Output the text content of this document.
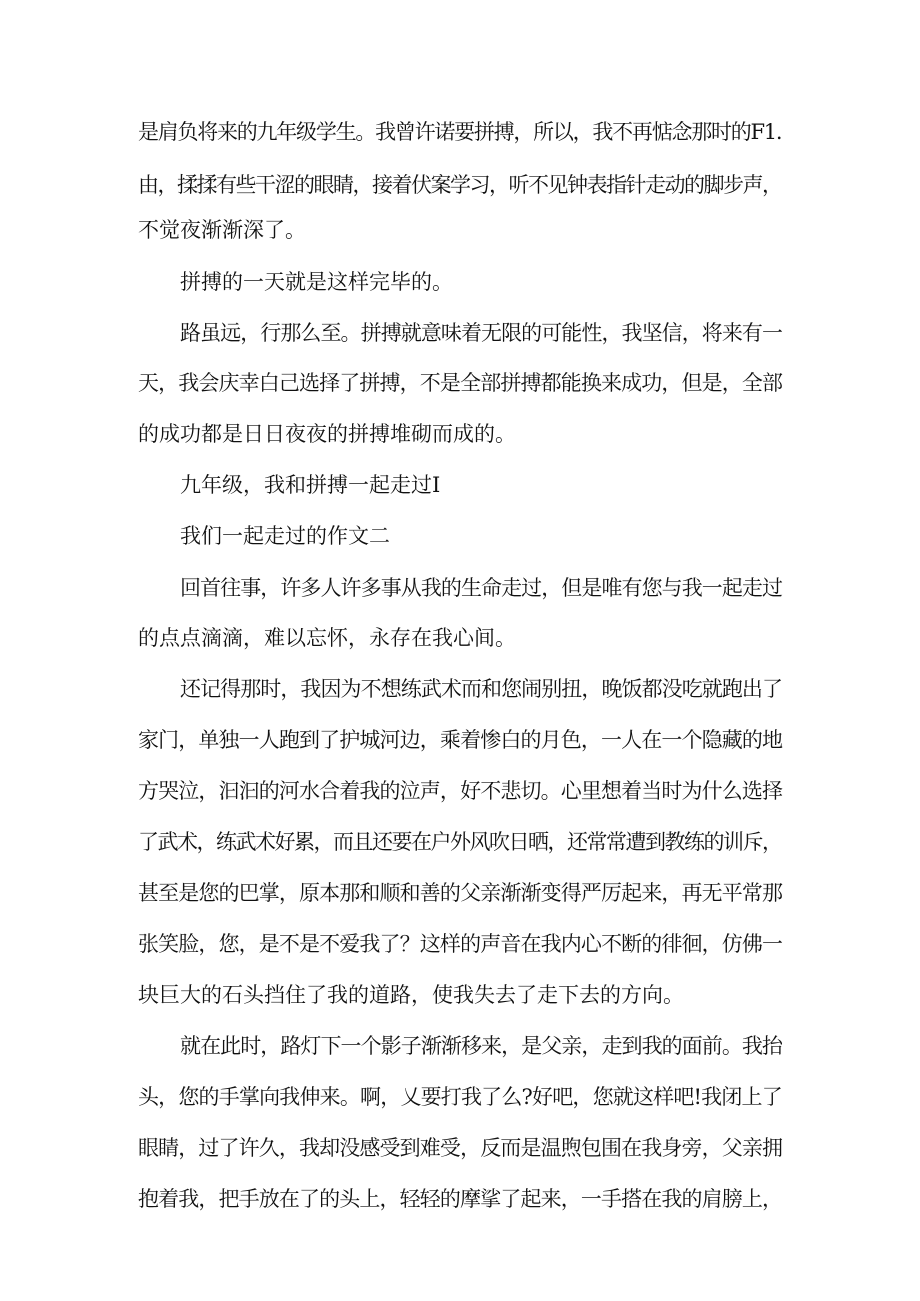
是肩负将来的九年级学生。我曾许诺要拼搏，所以，我不再惦念那时的F1.

由，揉揉有些干涩的眼睛，接着伏案学习，听不见钟表指针走动的脚步声，

不觉夜渐渐深了。

拼搏的一天就是这样完毕的。

路虽远，行那么至。拼搏就意味着无限的可能性，我坚信，将来有一

天，我会庆幸白己选择了拼搏，不是全部拼搏都能换来成功，但是，全部

的成功都是日日夜夜的拼搏堆砌而成的。

九年级，我和拼搏一起走过I

我们一起走过的作文二

回首往事，许多人许多事从我的生命走过，但是唯有您与我一起走过

的点点滴滴，难以忘怀，永存在我心间。

还记得那时，我因为不想练武术而和您闹别扭，晚饭都没吃就跑出了

家门，单独一人跑到了护城河边，乘着惨白的月色，一人在一个隐藏的地

方哭泣，汩汩的河水合着我的泣声，好不悲切。心里想着当时为什么选择

了武术，练武术好累，而且还要在户外风吹日晒，还常常遭到教练的训斥，

甚至是您的巴掌，原本那和顺和善的父亲渐渐变得严厉起来，再无平常那

张笑脸，您，是不是不爱我了？这样的声音在我内心不断的徘徊，仿佛一

块巨大的石头挡住了我的道路，使我失去了走下去的方向。

就在此时，路灯下一个影子渐渐移来，是父亲，走到我的面前。我抬

头，您的手掌向我伸来。啊，乂要打我了么?好吧，您就这样吧!我闭上了

眼睛，过了许久，我却没感受到难受，反而是温煦包围在我身旁，父亲拥

抱着我，把手放在了的头上，轻轻的摩挲了起来，一手搭在我的肩膀上，
